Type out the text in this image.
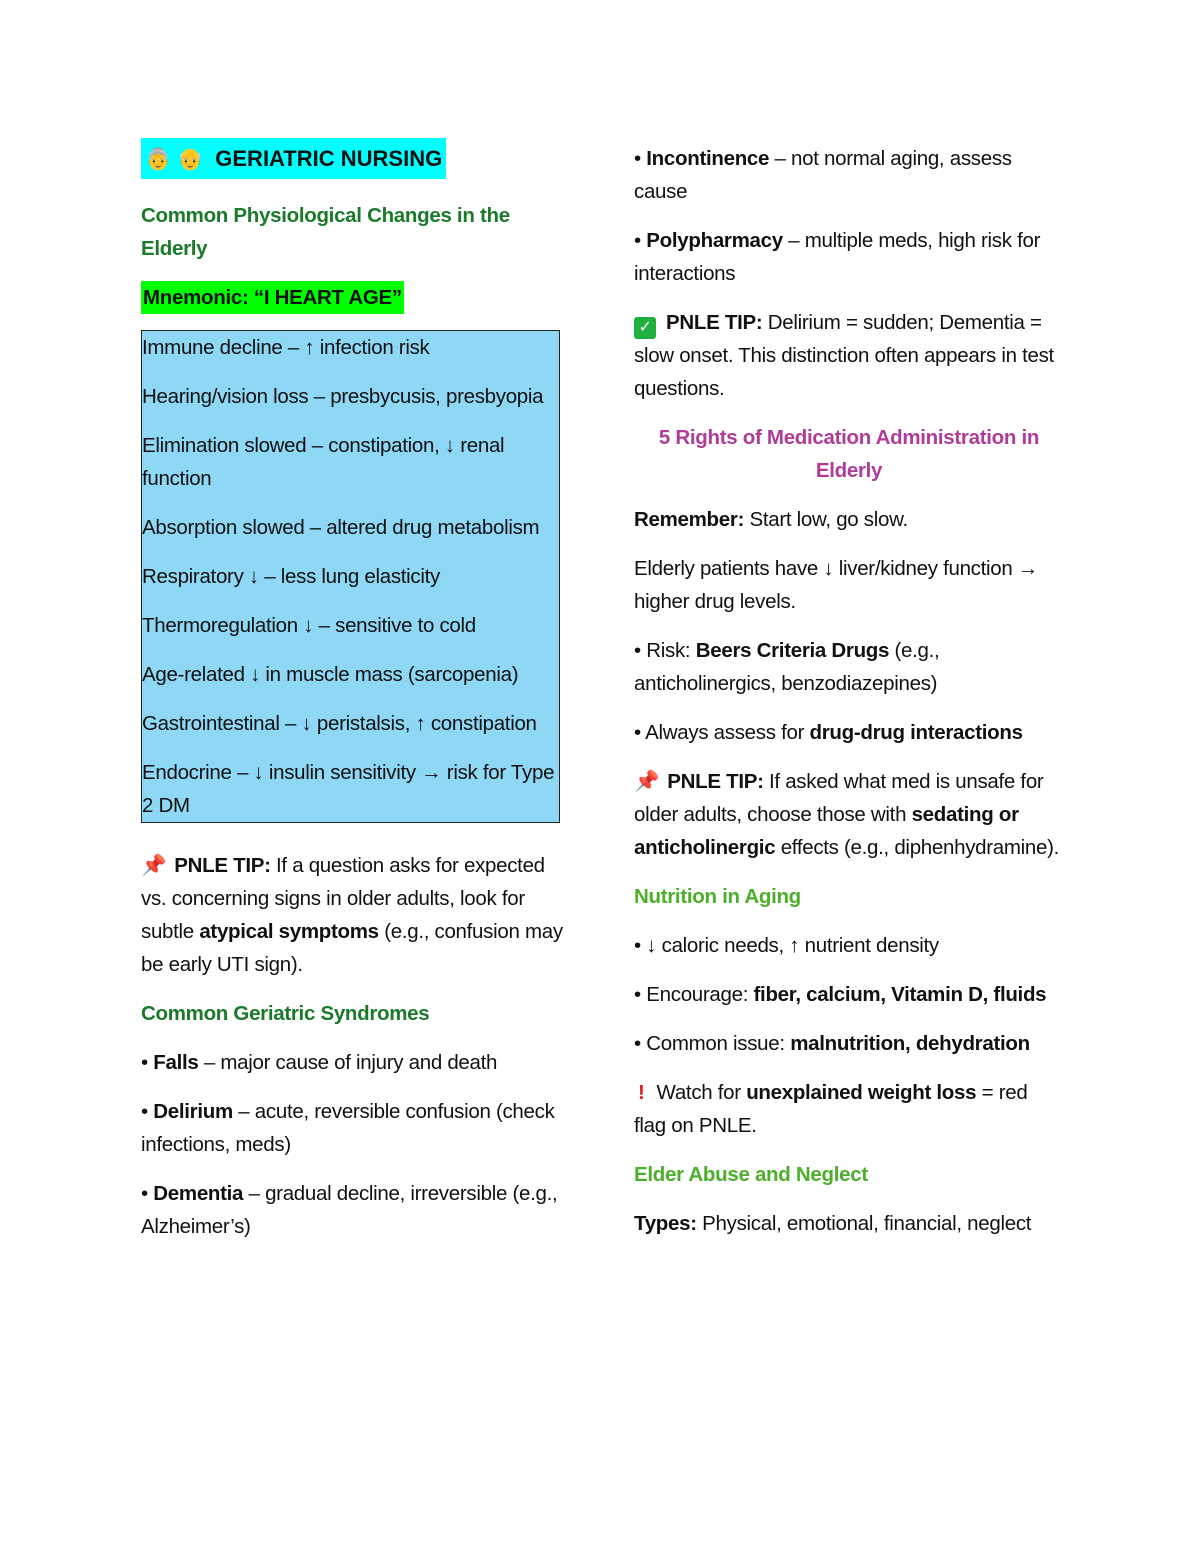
👵 👴 GERIATRIC NURSING

Common Physiological Changes in the Elderly

Mnemonic: “I HEART AGE”

Immune decline – ↑ infection risk

Hearing/vision loss – presbycusis, presbyopia

Elimination slowed – constipation, ↓ renal function

Absorption slowed – altered drug metabolism

Respiratory ↓ – less lung elasticity

Thermoregulation ↓ – sensitive to cold

Age-related ↓ in muscle mass (sarcopenia)

Gastrointestinal – ↓ peristalsis, ↑ constipation

Endocrine – ↓ insulin sensitivity → risk for Type 2 DM

📌 PNLE TIP: If a question asks for expected vs. concerning signs in older adults, look for subtle atypical symptoms (e.g., confusion may be early UTI sign).

Common Geriatric Syndromes

• Falls – major cause of injury and death

• Delirium – acute, reversible confusion (check infections, meds)

• Dementia – gradual decline, irreversible (e.g., Alzheimer’s)

• Incontinence – not normal aging, assess cause

• Polypharmacy – multiple meds, high risk for interactions

✓ PNLE TIP: Delirium = sudden; Dementia = slow onset. This distinction often appears in test questions.

5 Rights of Medication Administration in Elderly

Remember: Start low, go slow.

Elderly patients have ↓ liver/kidney function → higher drug levels.

• Risk: Beers Criteria Drugs (e.g., anticholinergics, benzodiazepines)

• Always assess for drug-drug interactions

📌 PNLE TIP: If asked what med is unsafe for older adults, choose those with sedating or anticholinergic effects (e.g., diphenhydramine).

Nutrition in Aging

• ↓ caloric needs, ↑ nutrient density

• Encourage: fiber, calcium, Vitamin D, fluids

• Common issue: malnutrition, dehydration

! Watch for unexplained weight loss = red flag on PNLE.

Elder Abuse and Neglect

Types: Physical, emotional, financial, neglect
